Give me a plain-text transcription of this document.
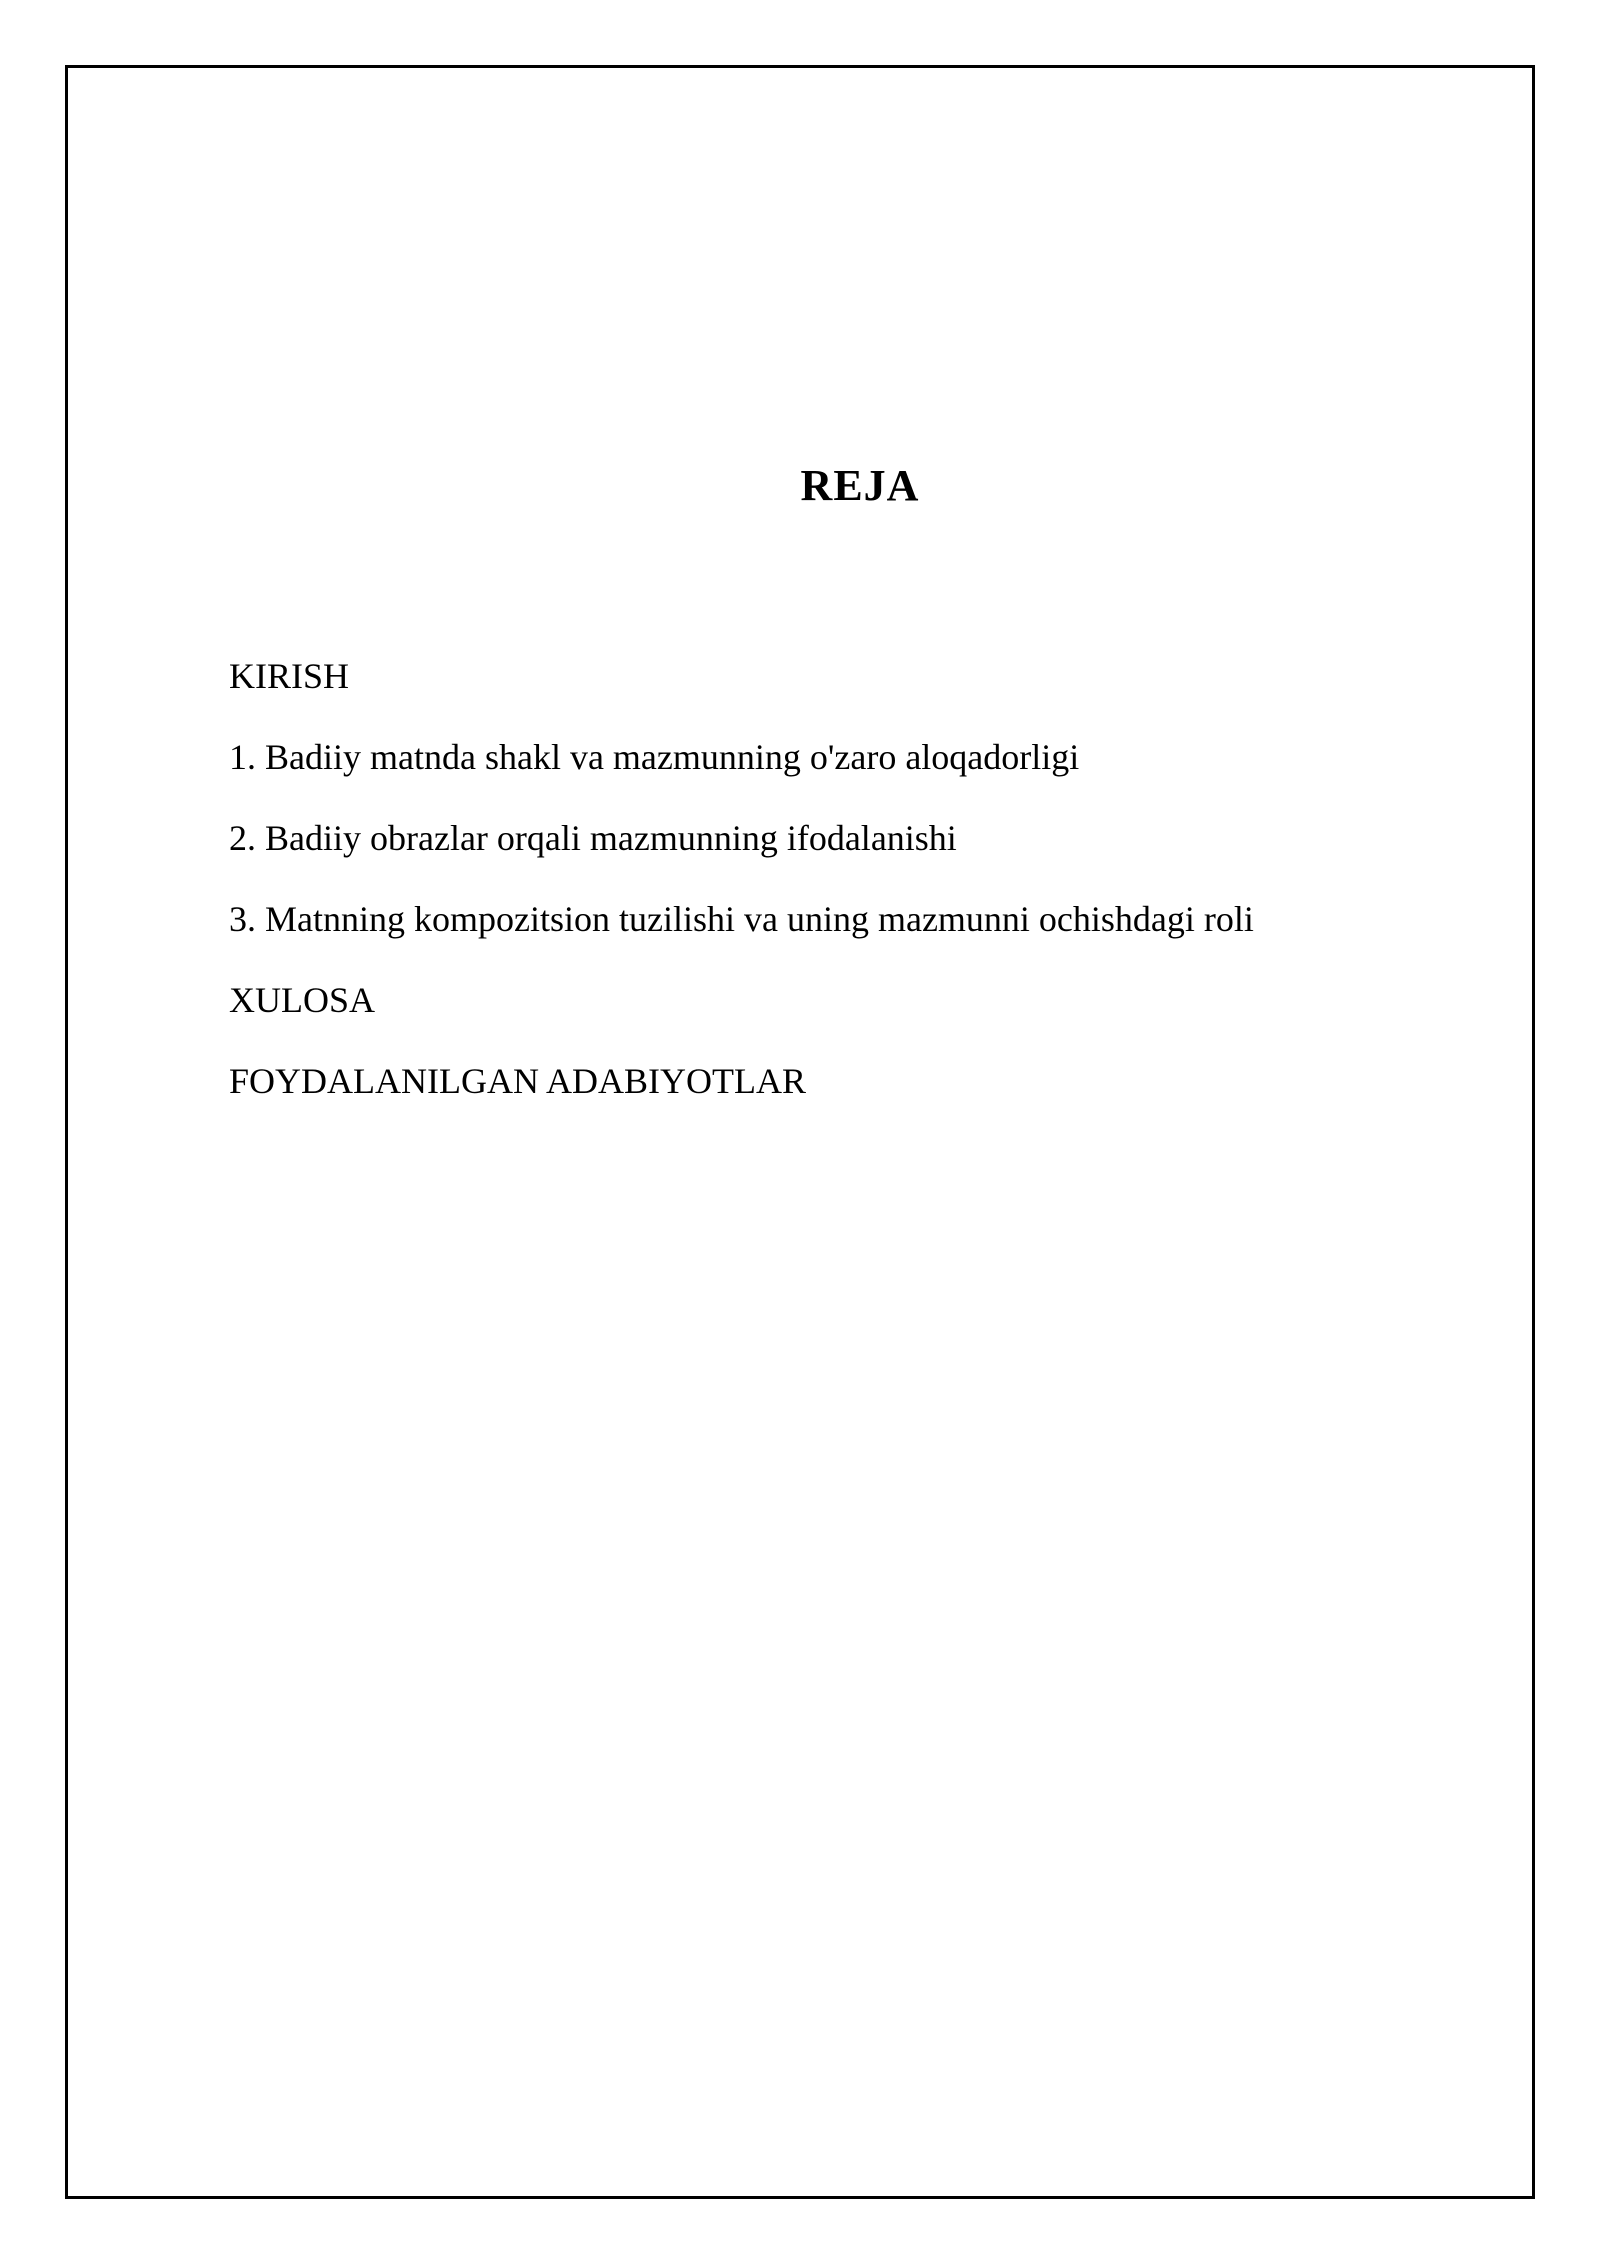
REJA
KIRISH
1. Badiiy matnda shakl va mazmunning o'zaro aloqadorligi
2. Badiiy obrazlar orqali mazmunning ifodalanishi
3. Matnning kompozitsion tuzilishi va uning mazmunni ochishdagi roli
XULOSA
FOYDALANILGAN ADABIYOTLAR
